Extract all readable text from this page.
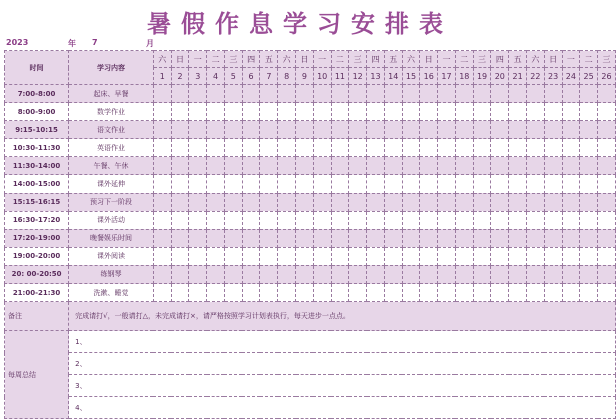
暑假作息学习安排表
2023	年 7	月
时间	学习内容	六	日	一	二	三	四	五	六	日	一	二	三	四	五	六	日	一	二	三	四	五	六	日	一	二	三
		1	2	3	4	5	6	7	8	9	10	11	12	13	14	15	16	17	18	19	20	21	22	23	24	25	26
7:00-8:00	起床、早餐																										
8:00-9:00	数学作业																										
9:15-10:15	语文作业																										
10:30-11:30	英语作业																										
11:30-14:00	午餐、午休																										
14:00-15:00	课外延伸																										
15:15-16:15	预习下一阶段																										
16:30-17:20	课外活动																										
17:20-19:00	晚餐娱乐时间																										
19:00-20:00	课外阅读																										
20: 00-20:50	练钢琴																										
21:00-21:30	洗漱、睡觉																										
备注	完成请打√，一般请打△，未完成请打×，请严格按照学习计划表执行，每天进步一点点。																										
每周总结	1、																										
	2、																										
	3、																										
	4、																										
